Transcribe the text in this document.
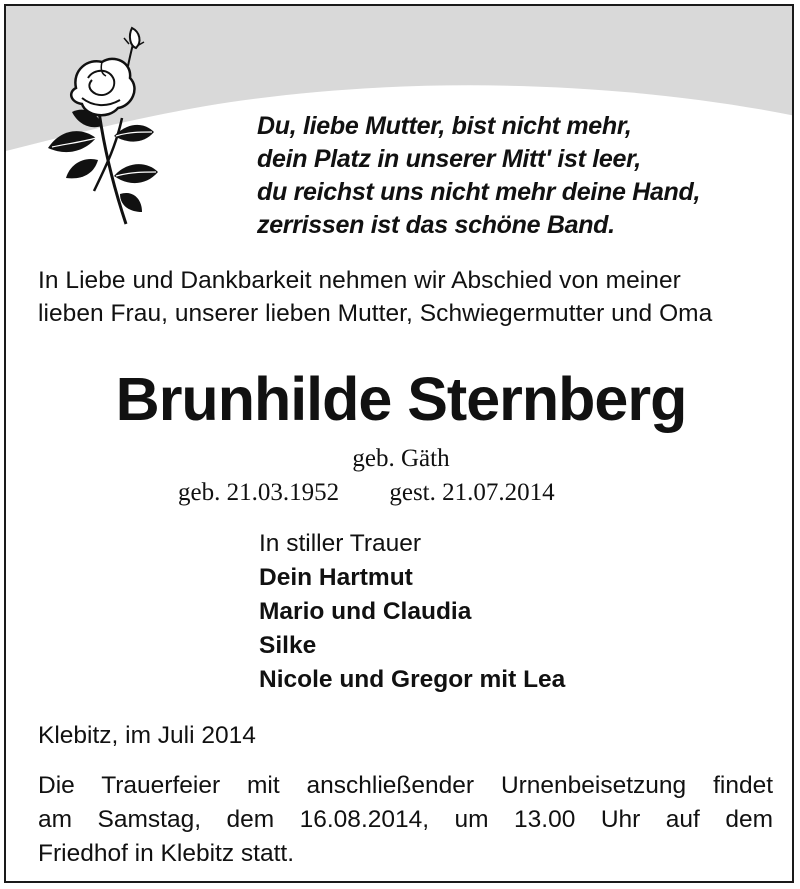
Du, liebe Mutter, bist nicht mehr,
dein Platz in unserer Mitt' ist leer,
du reichst uns nicht mehr deine Hand,
zerrissen ist das schöne Band.
In Liebe und Dankbarkeit nehmen wir Abschied von meiner
lieben Frau, unserer lieben Mutter, Schwiegermutter und Oma
Brunhilde Sternberg
geb. Gäth
geb. 21.03.1952 gest. 21.07.2014
In stiller Trauer
Dein Hartmut
Mario und Claudia
Silke
Nicole und Gregor mit Lea
Klebitz, im Juli 2014
Die Trauerfeier mit anschließender Urnenbeisetzung findet
am Samstag, dem 16.08.2014, um 13.00 Uhr auf dem
Friedhof in Klebitz statt.
